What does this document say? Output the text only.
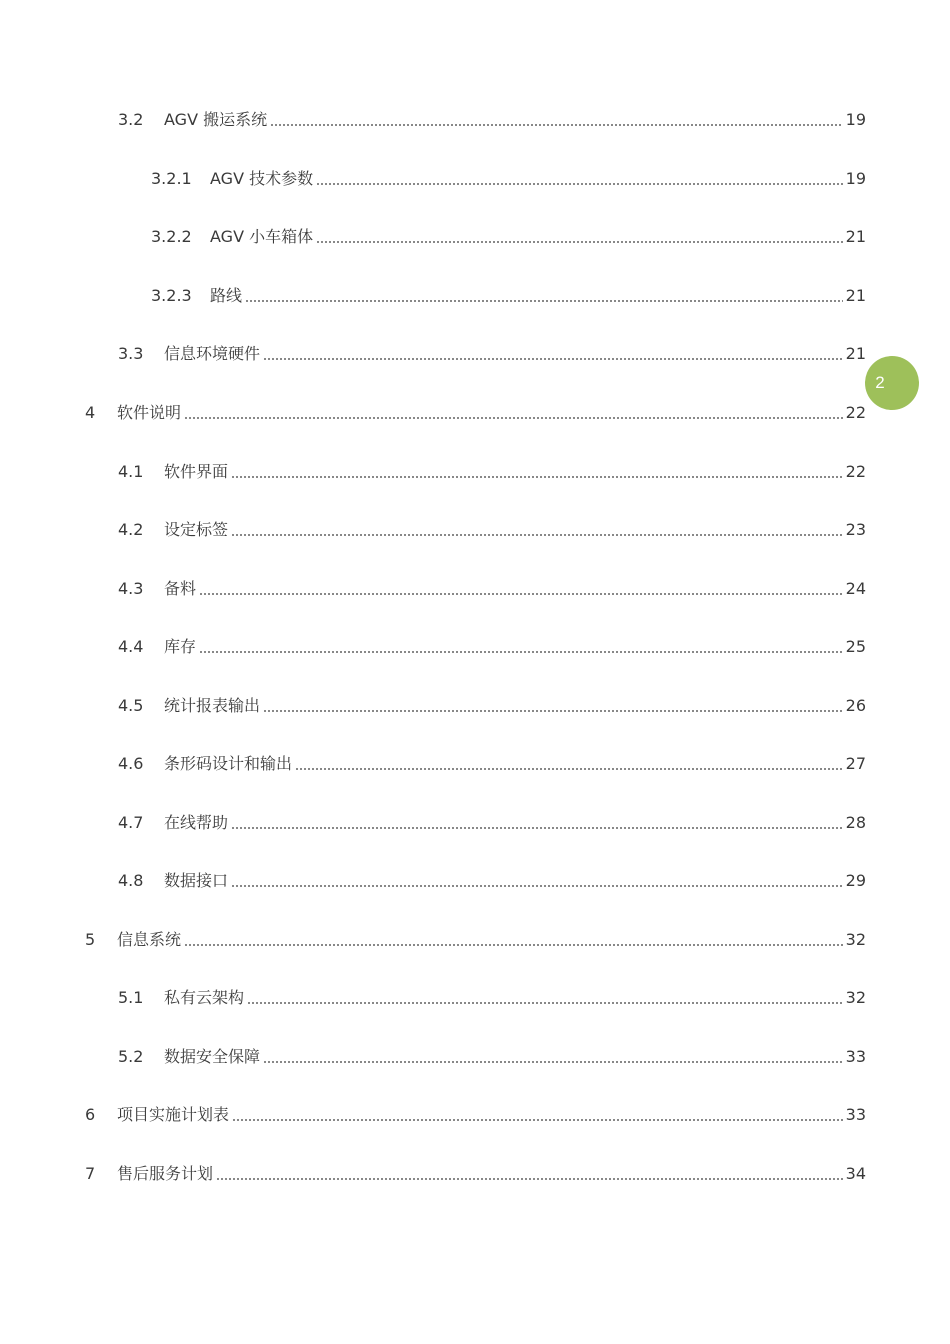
3.2	AGV 搬运系统	19
3.2.1	AGV 技术参数	19
3.2.2	AGV 小车箱体	21
3.2.3	路线	21
3.3	信息环境硬件	21
4	软件说明	22
4.1	软件界面	22
4.2	设定标签	23
4.3	备料	24
4.4	库存	25
4.5	统计报表输出	26
4.6	条形码设计和输出	27
4.7	在线帮助	28
4.8	数据接口	29
5	信息系统	32
5.1	私有云架构	32
5.2	数据安全保障	33
6	项目实施计划表	33
7	售后服务计划	34
2
